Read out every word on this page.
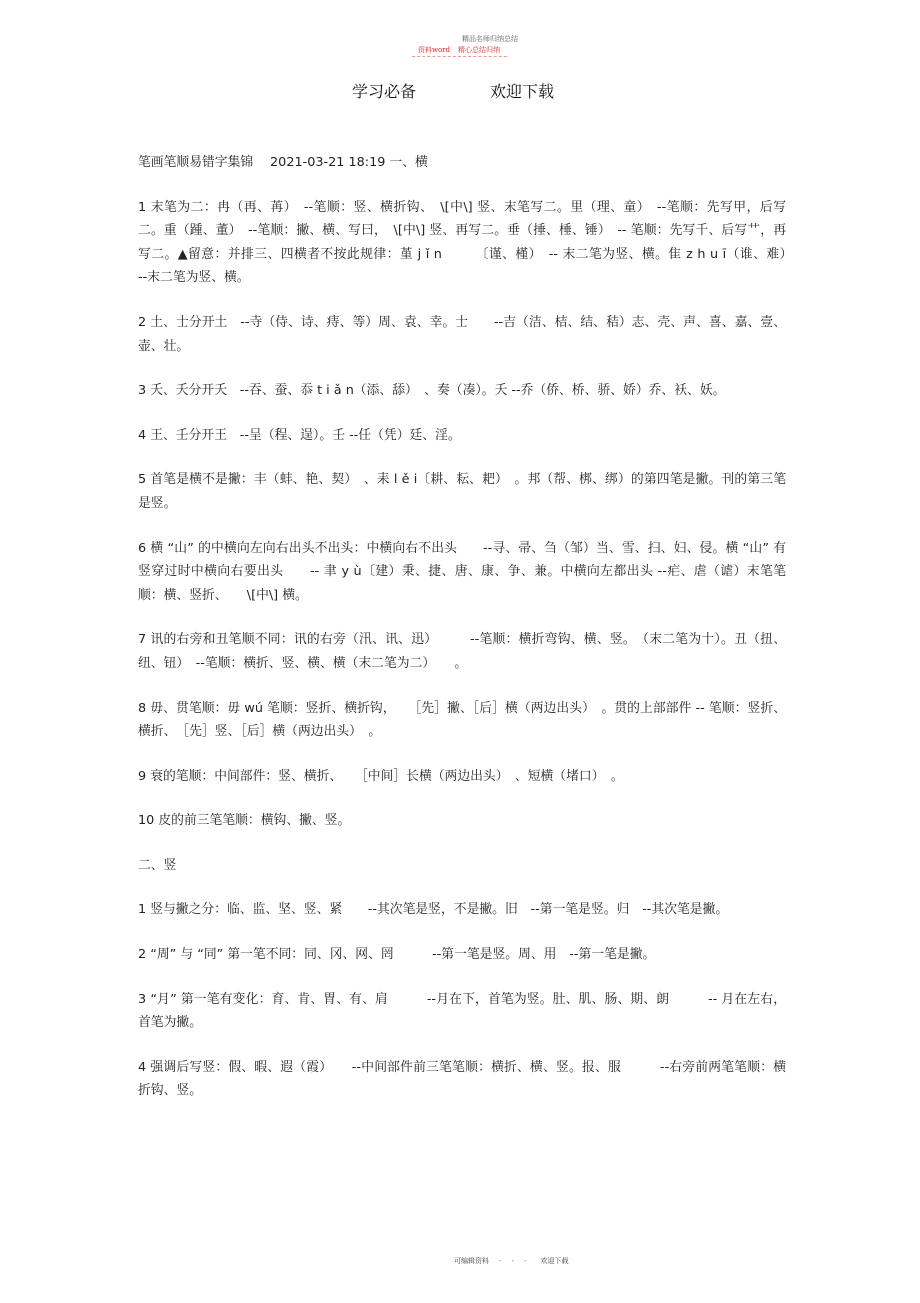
精品名师归纳总结
资料word 精心总结归纳
学习必备	欢迎下载

笔画笔顺易错字集锦　 2021-03-21 18:19 一、横

1 末笔为二：冉（再、苒）　--笔顺：竖、横折钩、　\[中\] 竖、末笔写二。里（理、童）　--笔顺：先写甲，后写二。重（踵、董）　--笔顺：撇、横、写曰，　\[中\] 竖、再写二。垂（捶、棰、锤）　-- 笔顺：先写千、后写艹，再写二。▲留意：并排三、四横者不按此规律：堇 j ǐ n　　　〔谨、槿）　-- 末二笔为竖、横。隹 z h u ī（谁、难）　　--末二笔为竖、横。

2 土、士分开土　--寺（侍、诗、痔、等）周、袁、幸。士　　--吉（洁、桔、结、秸）志、壳、声、喜、嘉、壹、壶、壮。

3 夭、夭分开夭　--吞、蚕、忝 t i ǎ n（添、舔）　、奏（凑）。夭 --乔（侨、桥、骄、娇）乔、袄、妖。

4 王、壬分开王　--呈（程、逞）。壬 --任（凭）廷、淫。

5 首笔是横不是撇：丰（蚌、艳、契）　、耒 l ě i〔耕、耘、耙）　。邦（帮、梆、绑）的第四笔是撇。刊的第三笔是竖。

6 横 “山” 的中横向左向右出头不出头：中横向右不出头　　--寻、帚、刍（邹）当、雪、扫、妇、侵。横 “山” 有竖穿过时中横向右要出头　　-- 聿 y ù〔建）秉、捷、唐、康、争、兼。中横向左都出头 --疟、虐（谑）末笔笔顺：横、竖折、　　\[中\] 横。

7 讯的右旁和丑笔顺不同：讯的右旁（汛、讯、迅）　　　--笔顺：横折弯钩、横、竖。　（末二笔为十）。丑（扭、纽、钮）　--笔顺：横折、竖、横、横（末二笔为二）　　。

8 毋、贯笔顺：毋 wú 笔顺：竖折、横折钩，　　［先］撇、［后］横（两边出头）　。贯的上部部件 -- 笔顺：竖折、横折、　［先］竖、［后］横（两边出头）　。

9 衰的笔顺：中间部件：竖、横折、　　［中间］长横（两边出头）　、短横（堵口）　。

10 皮的前三笔笔顺：横钩、撇、竖。

二、竖

1 竖与撇之分：临、监、坚、竖、紧　　--其次笔是竖，不是撇。旧　--第一笔是竖。归　--其次笔是撇。

2 “周” 与 “同” 第一笔不同：同、冈、网、罔　　　--第一笔是竖。周、用　--第一笔是撇。

3 “月” 第一笔有变化：育、肯、胃、有、肩　　　--月在下，首笔为竖。肚、肌、肠、期、朗　　　-- 月在左右，首笔为撇。

4 强调后写竖：假、暇、遐（霞）　　--中间部件前三笔笔顺：横折、横、竖。报、服　　　--右旁前两笔笔顺：横折钩、竖。

可编辑资料 - - - 欢迎下载
